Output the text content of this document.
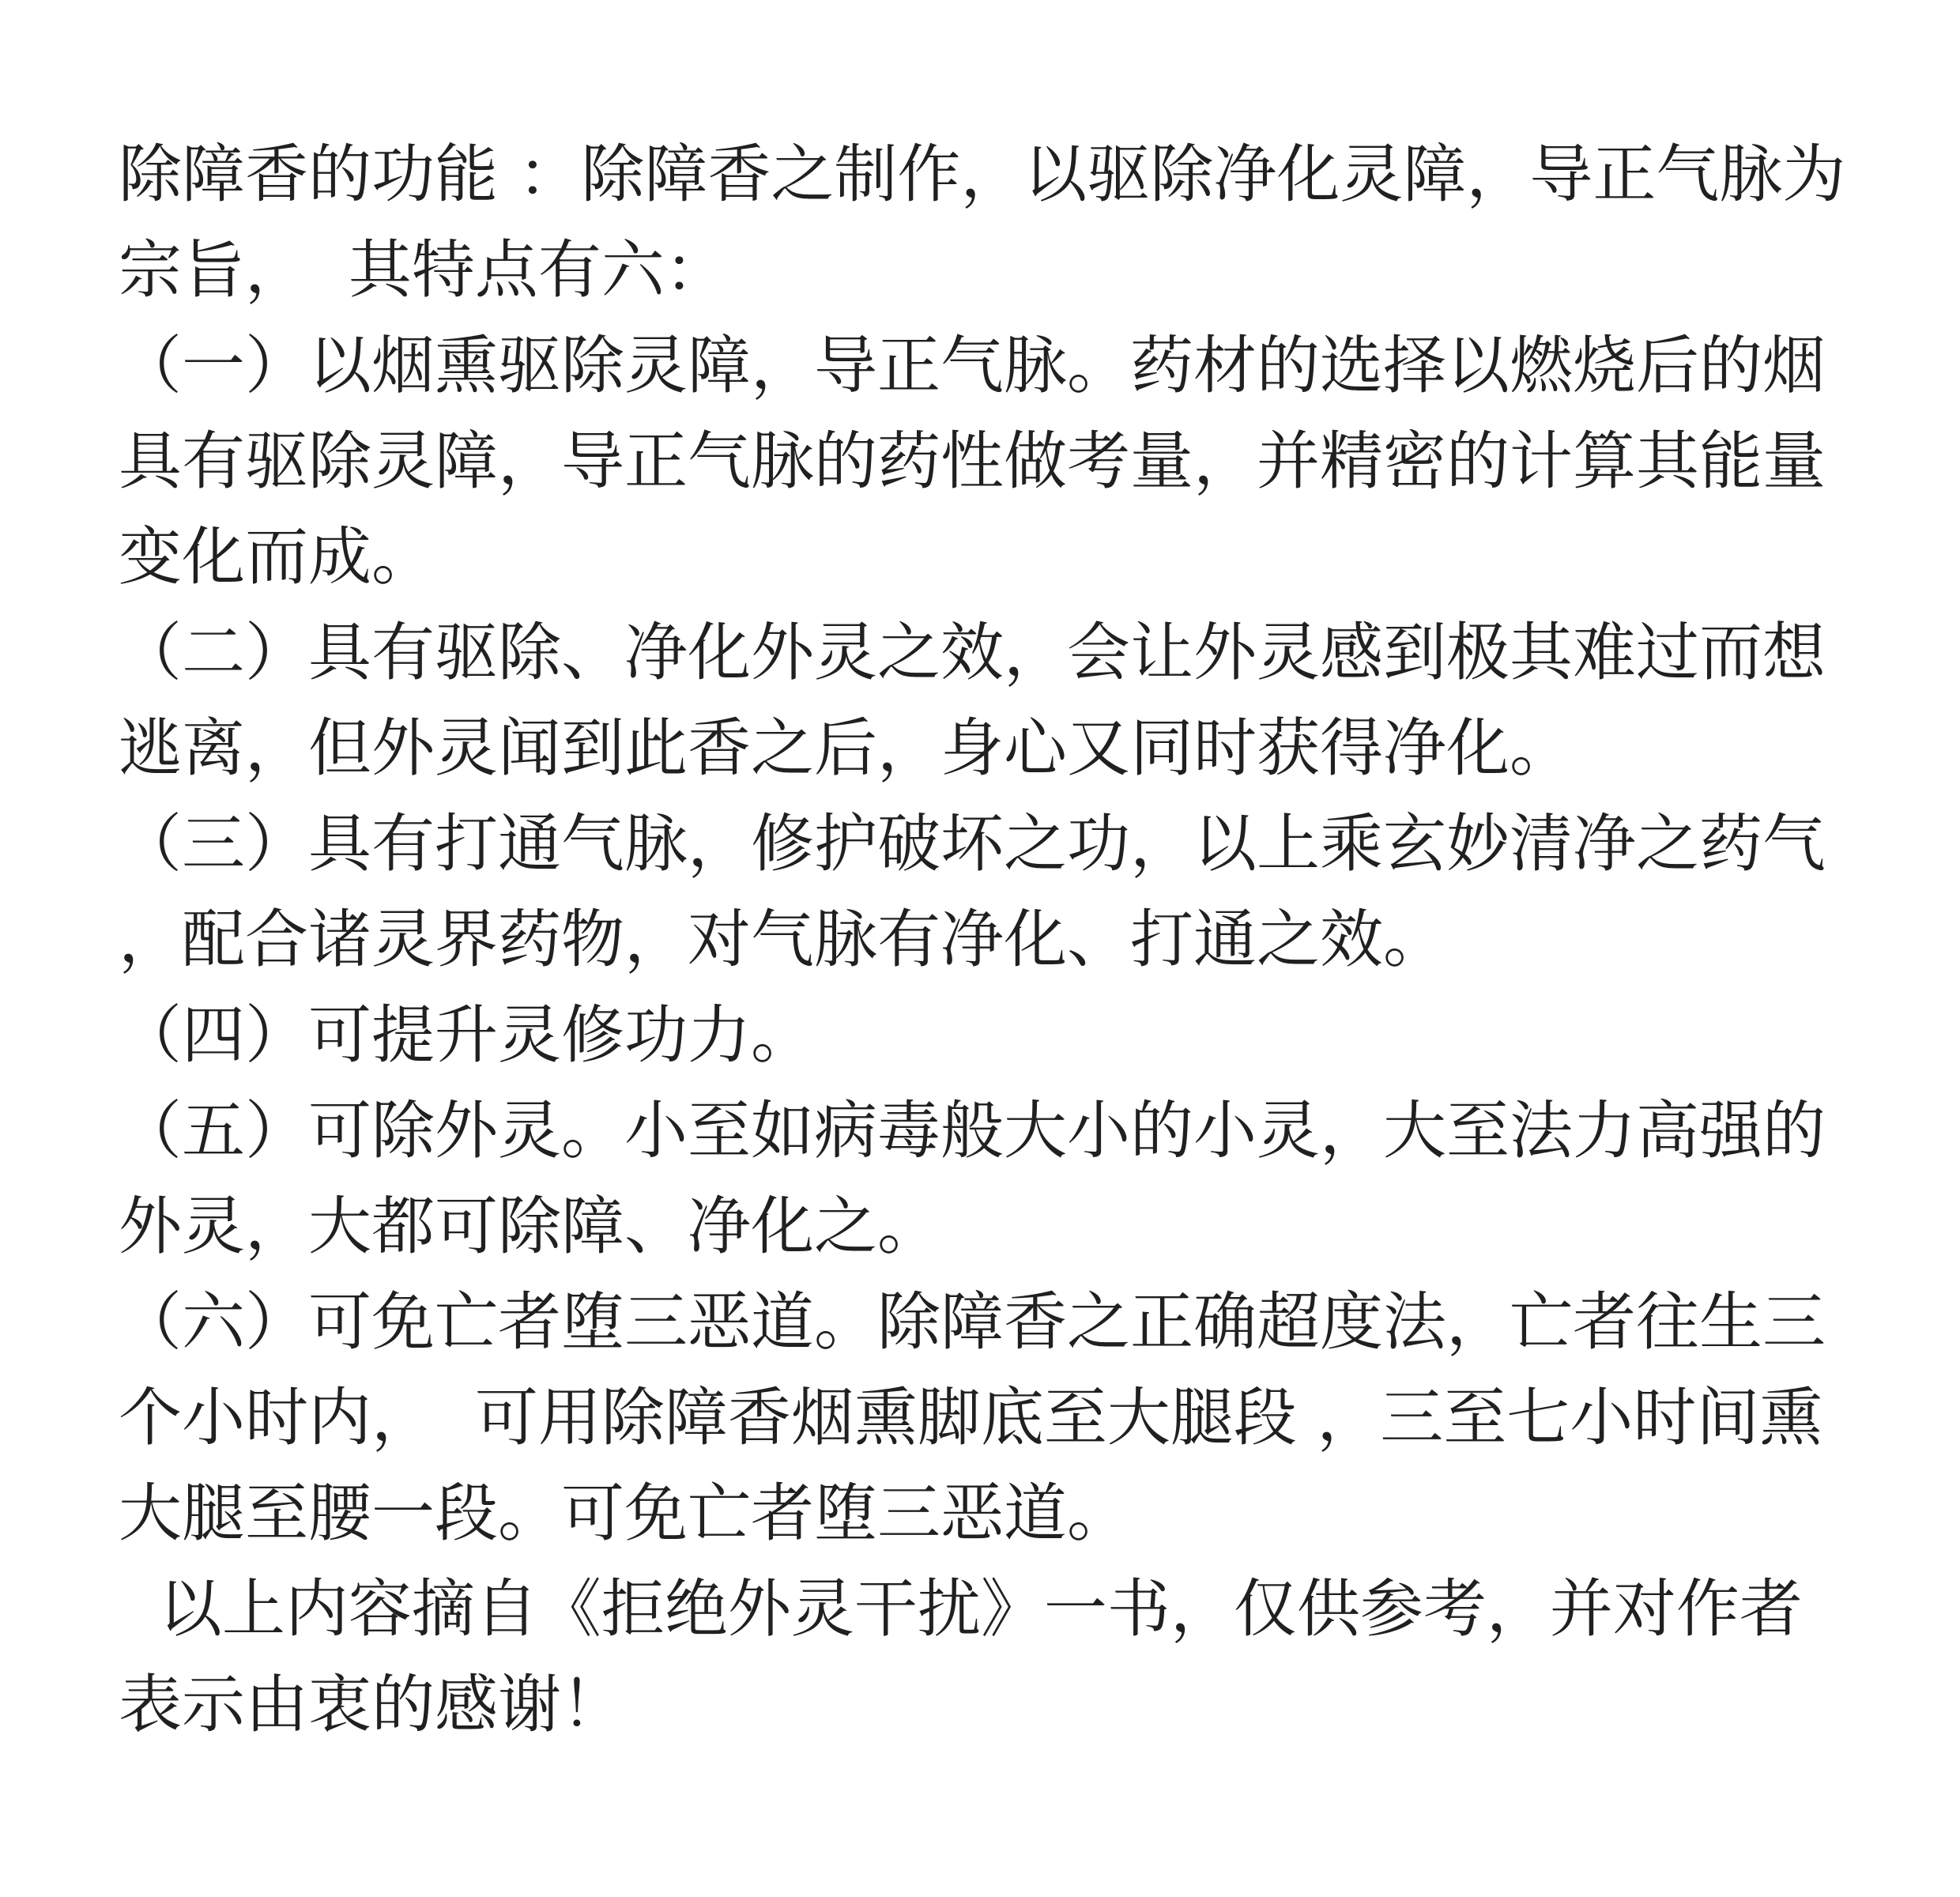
除障香的功能 ：除障香之制作，以驱除净化灵障，导正气脉为
宗旨，  其特点有六：
（一）以烟熏驱除灵障，导正气脉。药材的选择以燃烧后的烟
具有驱除灵障，导正气脉的药性做考量，并精密的计算其能量
变化而成。
（二）具有驱除、净化外灵之效，会让外灵感到极其难过而想
逃离，但外灵闻到此香之后，身心又同时获得净化。
（三）具有打通气脉，修护破坏之功，以上乘玄妙清净之药气
，配合诸灵界药物，对气脉有净化、打通之效。
（四）可提升灵修功力。
（五）可除外灵。小至如病毒般大小的小灵，大至法力高强的
外灵，大都可除障、净化之。
（六）可免亡者堕三恶道。除障香之正确超度法，亡者往生三
个小时内，  可用除障香烟熏脚底至大腿段 ，三至七小时间熏
大腿至腰一段。可免亡者堕三恶道。
以上内容摘自《拒绝外灵干扰》一书，仅供参考，并对作者
表示由衷的感谢！
